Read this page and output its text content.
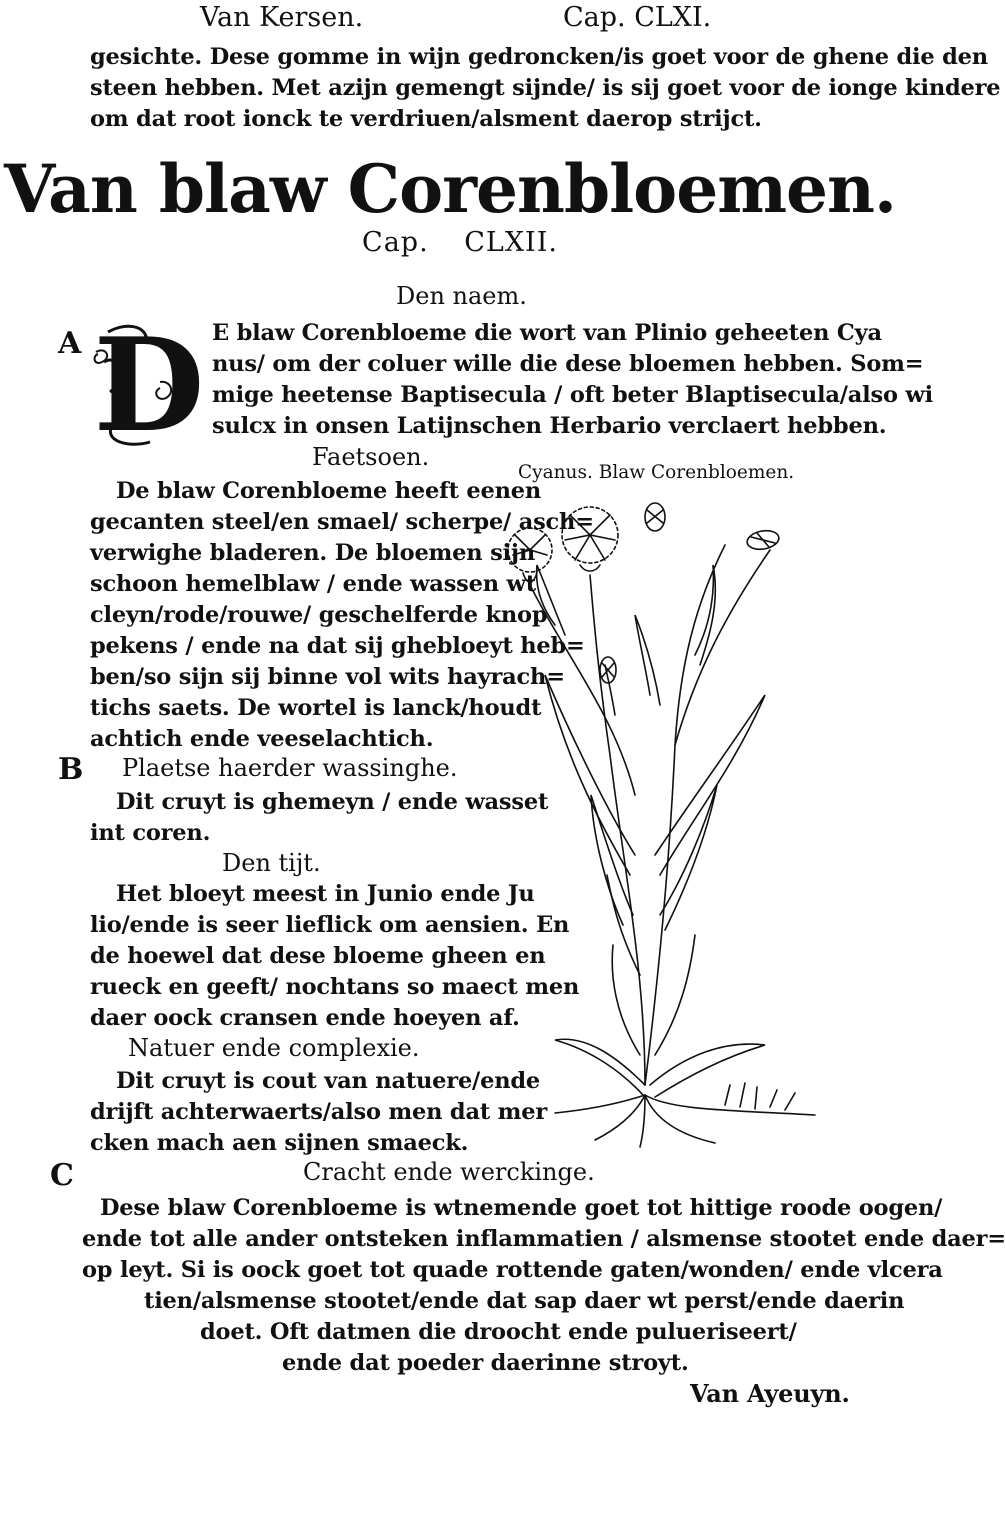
Van Kersen.	Cap. CLXI.
gesichte. Dese gomme in wijn gedroncken/is goet voor de ghene die den
steen hebben. Met azijn gemengt sijnde/ is sij goet voor de ionge kindere
om dat root ionck te verdriuen/alsment daerop strijct.
Van blaw Corenbloemen.
Cap. CLXII.
Den naem.
A D E blaw Corenbloeme die wort van Plinio geheeten Cya
nus/ om der coluer wille die dese bloemen hebben. Som=
mige heetense Baptisecula / oft beter Blaptisecula/also wi
sulcx in onsen Latijnschen Herbario verclaert hebben.
Faetsoen.
De blaw Corenbloeme heeft eenen
gecanten steel/en smael/ scherpe/ asch=
verwighe bladeren. De bloemen sijn
schoon hemelblaw / ende wassen wt
cleyn/rode/rouwe/ geschelferde knop
pekens / ende na dat sij ghebloeyt heb=
ben/so sijn sij binne vol wits hayrach=
tichs saets. De wortel is lanck/houdt
achtich ende veeselachtich.
B Plaetse haerder wassinghe.
Dit cruyt is ghemeyn / ende wasset
int coren.
Den tijt.
Het bloeyt meest in Junio ende Ju
lio/ende is seer lieflick om aensien. En
de hoewel dat dese bloeme gheen en
rueck en geeft/ nochtans so maect men
daer oock cransen ende hoeyen af.
Natuer ende complexie.
Dit cruyt is cout van natuere/ende
drijft achterwaerts/also men dat mer
cken mach aen sijnen smaeck.
C	Cracht ende werckinge.
Dese blaw Corenbloeme is wtnemende goet tot hittige roode oogen/
ende tot alle ander ontsteken inflammatien / alsmense stootet ende daer=
op leyt. Si is oock goet tot quade rottende gaten/wonden/ ende vlcera
tien/alsmense stootet/ende dat sap daer wt perst/ende daerin
doet. Oft datmen die droocht ende pulueriseert/
ende dat poeder daerinne stroyt.
Van Ayeuyn.
Cyanus. Blaw Corenbloemen.
